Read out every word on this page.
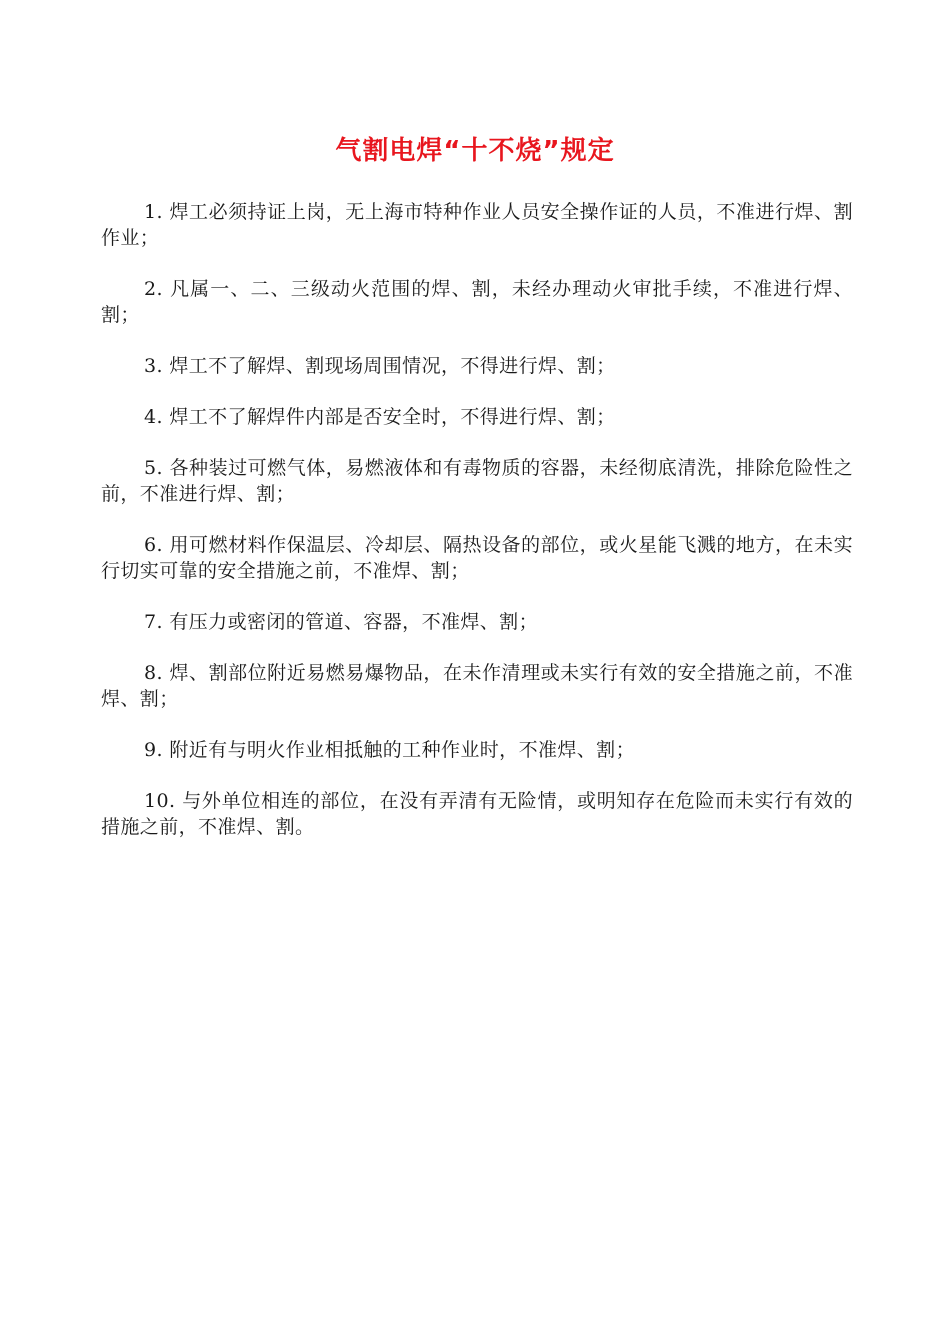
气割电焊“十不烧”规定

1. 焊工必须持证上岗，无上海市特种作业人员安全操作证的人员，不准进行焊、割作业；

2. 凡属一、二、三级动火范围的焊、割，未经办理动火审批手续，不准进行焊、割；

3. 焊工不了解焊、割现场周围情况，不得进行焊、割；

4. 焊工不了解焊件内部是否安全时，不得进行焊、割；

5. 各种装过可燃气体，易燃液体和有毒物质的容器，未经彻底清洗，排除危险性之前，不准进行焊、割；

6. 用可燃材料作保温层、冷却层、隔热设备的部位，或火星能飞溅的地方，在未实行切实可靠的安全措施之前，不准焊、割；

7. 有压力或密闭的管道、容器，不准焊、割；

8. 焊、割部位附近易燃易爆物品，在未作清理或未实行有效的安全措施之前，不准焊、割；

9. 附近有与明火作业相抵触的工种作业时，不准焊、割；

10. 与外单位相连的部位，在没有弄清有无险情，或明知存在危险而未实行有效的措施之前，不准焊、割。
